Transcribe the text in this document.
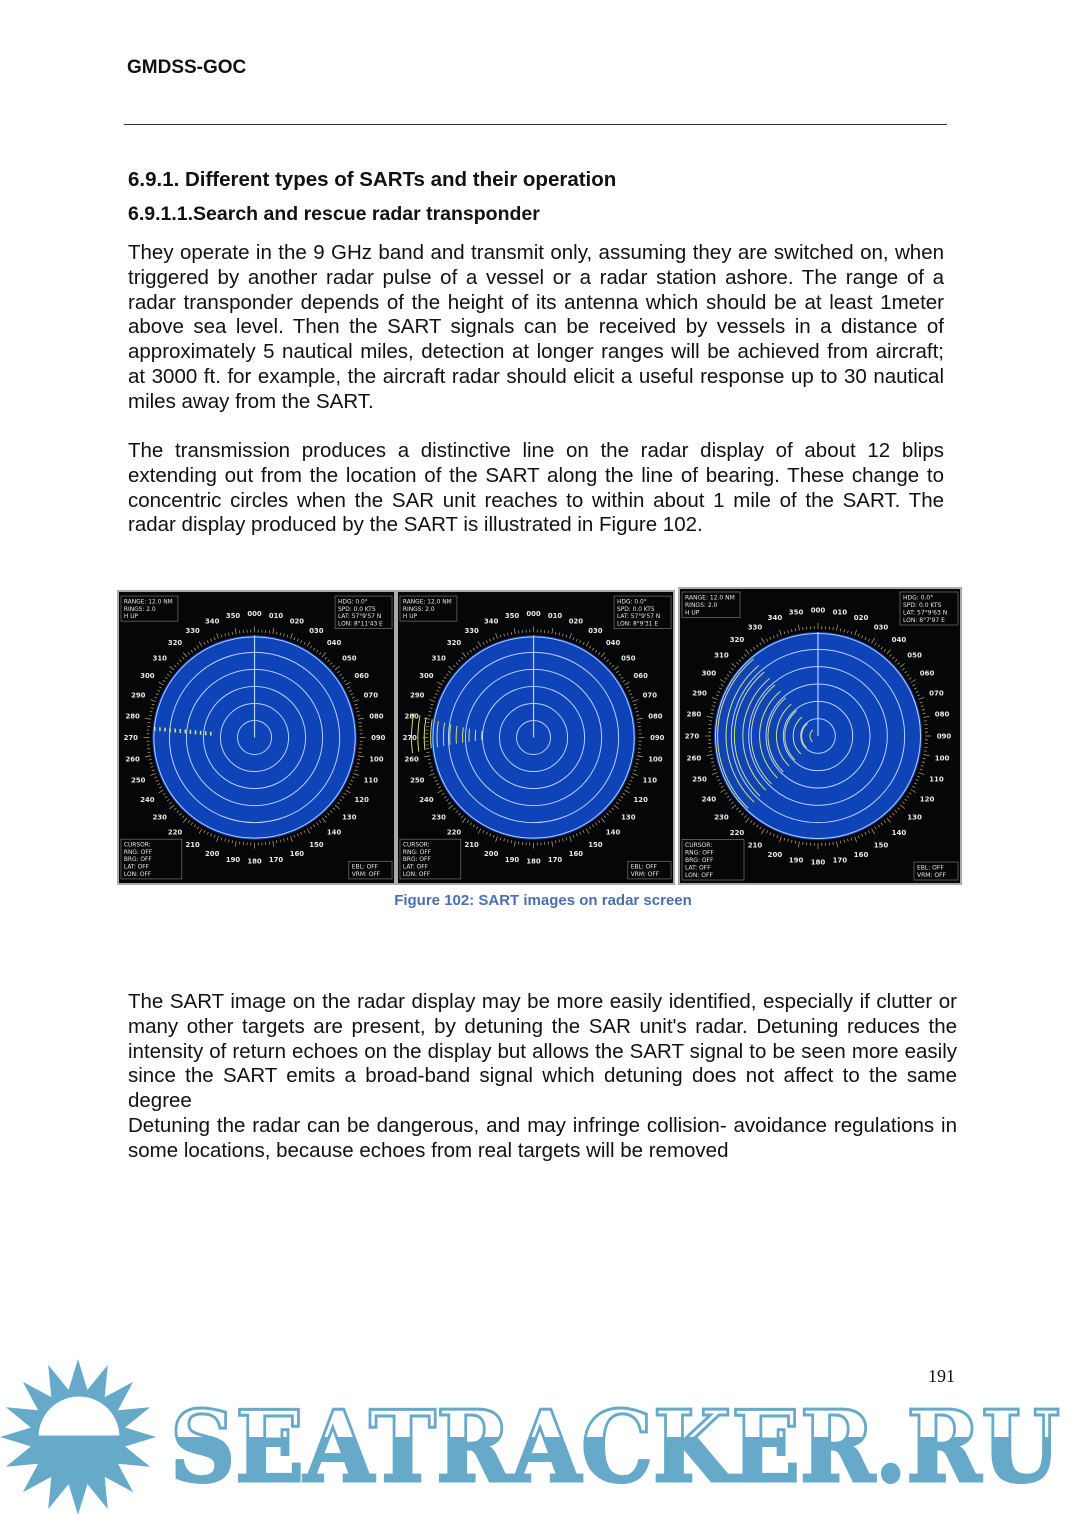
GMDSS-GOC
6.9.1. Different types of SARTs and their operation
6.9.1.1.Search and rescue radar transponder
They operate in the 9 GHz band and transmit only, assuming they are switched on, when triggered by another radar pulse of a vessel or a radar station ashore. The range of a radar transponder depends of the height of its antenna which should be at least 1meter above sea level. Then the SART signals can be received by vessels in a distance of approximately 5 nautical miles, detection at longer ranges will be achieved from aircraft; at 3000 ft. for example, the aircraft radar should elicit a useful response up to 30 nautical miles away from the SART.
The transmission produces a distinctive line on the radar display of about 12 blips extending out from the location of the SART along the line of bearing. These change to concentric circles when the SAR unit reaches to within about 1 mile of the SART. The radar display produced by the SART is illustrated in Figure 102.
The SART image on the radar display may be more easily identified, especially if clutter or many other targets are present, by detuning the SAR unit's radar. Detuning reduces the intensity of return echoes on the display but allows the SART signal to be seen more easily since the SART emits a broad-band signal which detuning does not affect to the same degree
Detuning the radar can be dangerous, and may infringe collision- avoidance regulations in some locations, because echoes from real targets will be removed
000 010
020
030
040
050
060
070
080
090
100
110
120
130
140
150
160
170
180
190
200
210
220
230
240
250
260
270
280
290
300
310
320
330
340
350
RANGE: 12.0 NM
RINGS: 2.0
H UP
HDG: 0.0°
SPD: 0.0 KTS
LAT: 57°9'57 N
LON: 8°11'43 E
CURSOR:
RNG: OFF
BRG: OFF
LAT: OFF
LON: OFF
EBL: OFF
VRM: OFF
000 010
020
030
040
050
060
070
080
090
100
110
120
130
140
150
160
170
180
190
200
210
220
230
240
250
260
270
280
290
300
310
320
330
340
350
RANGE: 12.0 NM
RINGS: 2.0
H UP
HDG: 0.0°
SPD: 0.0 KTS
LAT: 57°9'57 N
LON: 8°9'31 E
CURSOR:
RNG: OFF
BRG: OFF
LAT: OFF
LON: OFF
EBL: OFF
VRM: OFF
000 010
020
030
040
050
060
070
080
090
100
110
120
130
140
150
160
170
180
190
200
210
220
230
240
250
260
270
280
290
300
310
320
330
340
350
RANGE: 12.0 NM
RINGS: 2.0
H UP
HDG: 0.0°
SPD: 0.0 KTS
LAT: 57°9'63 N
LON: 8°7'97 E
CURSOR:
RNG: OFF
BRG: OFF
LAT: OFF
LON: OFF
EBL: OFF
VRM: OFF
Figure 102: SART images on radar screen
SEATRACKER.RU
191
